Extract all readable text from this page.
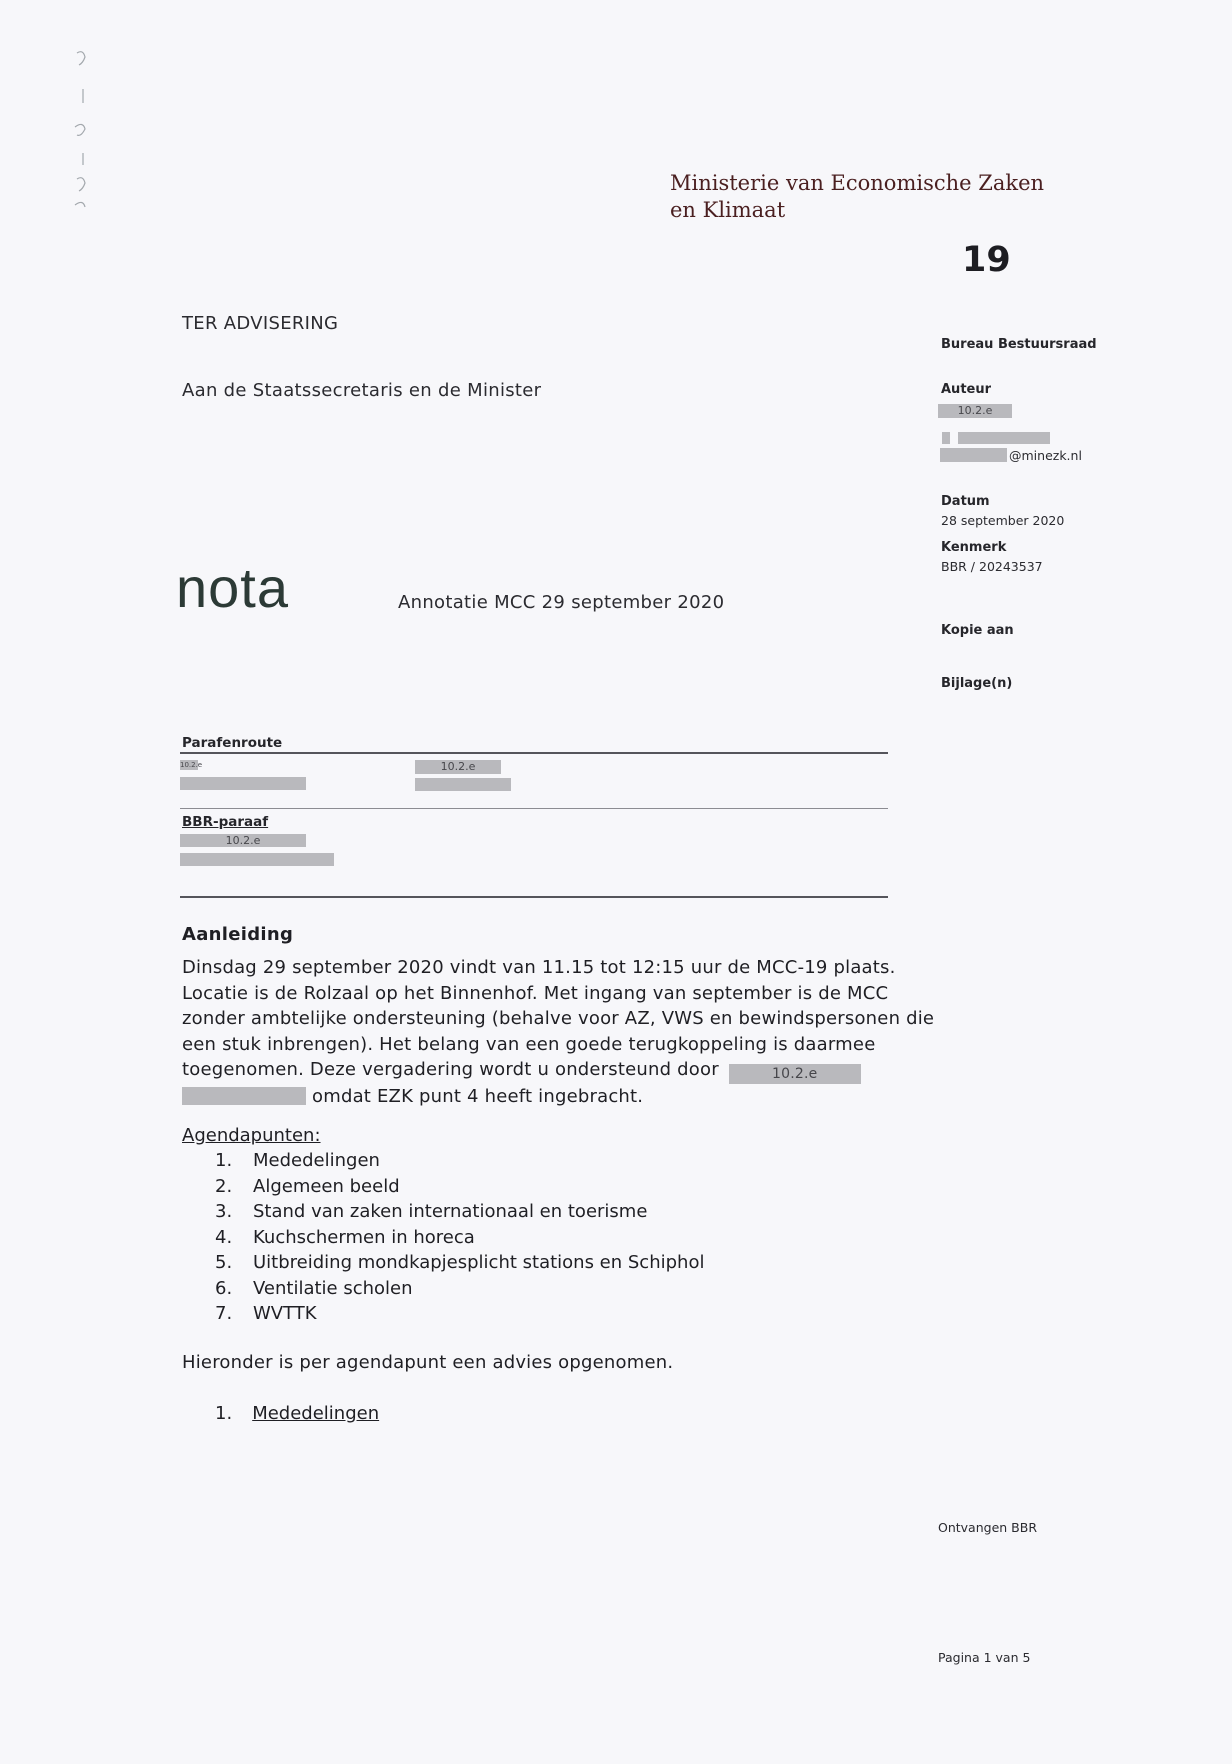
Ministerie van Economische Zaken
en Klimaat
19
Bureau Bestuursraad
Auteur
10.2.e
@minezk.nl
Datum
28 september 2020
Kenmerk
BBR / 20243537
Kopie aan
Bijlage(n)
TER ADVISERING
Aan de Staatssecretaris en de Minister
nota	Annotatie MCC 29 september 2020
Parafenroute
10.2.e	10.2.e
BBR-paraaf
10.2.e
Aanleiding
Dinsdag 29 september 2020 vindt van 11.15 tot 12:15 uur de MCC-19 plaats. Locatie is de Rolzaal op het Binnenhof. Met ingang van september is de MCC zonder ambtelijke ondersteuning (behalve voor AZ, VWS en bewindspersonen die een stuk inbrengen). Het belang van een goede terugkoppeling is daarmee toegenomen. Deze vergadering wordt u ondersteund door	10.2.e omdat EZK punt 4 heeft ingebracht.
Agendapunten:
1.	Mededelingen
2.	Algemeen beeld
3.	Stand van zaken internationaal en toerisme
4.	Kuchschermen in horeca
5.	Uitbreiding mondkapjesplicht stations en Schiphol
6.	Ventilatie scholen
7.	WVTTK
Hieronder is per agendapunt een advies opgenomen.
1. Mededelingen
Ontvangen BBR
Pagina 1 van 5
